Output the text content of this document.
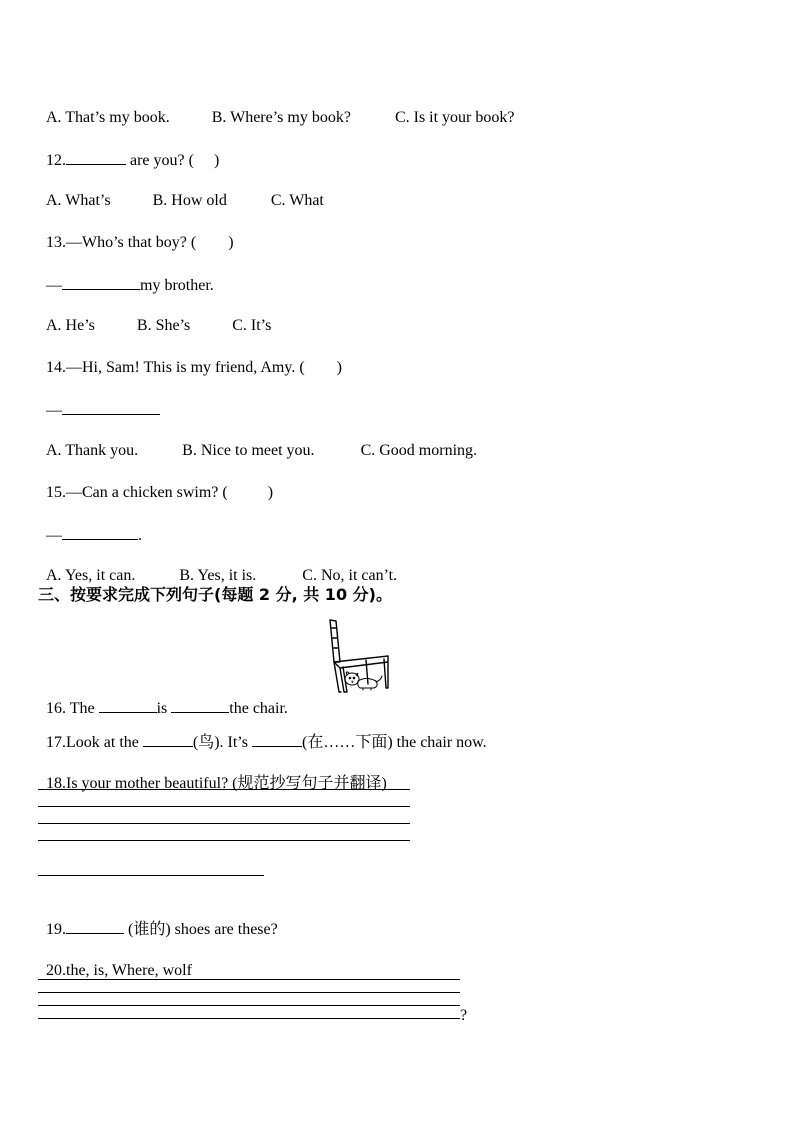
A. That’s my book.	B. Where’s my book?	C. Is it your book?

12.	are you? (     )

A. What’s	B. How old	C. What

13.—Who’s that boy? (        )

—	my brother.

A. He’s	B. She’s	C. It’s

14.—Hi, Sam! This is my friend, Amy. (        )

—

A. Thank you.	B. Nice to meet you.	C. Good morning.

15.—Can a chicken swim? (          )

—	.

A. Yes, it can.	B. Yes, it is.	C. No, it can’t.

三、按要求完成下列句子(每题 2 分, 共 10 分)。

16. The	is	the chair.

17.Look at the	(鸟). It’s	(在……下面) the chair now.

18.Is your mother beautiful? (规范抄写句子并翻译)

19.	(谁的) shoes are these?

20.the, is, Where, wolf

?
